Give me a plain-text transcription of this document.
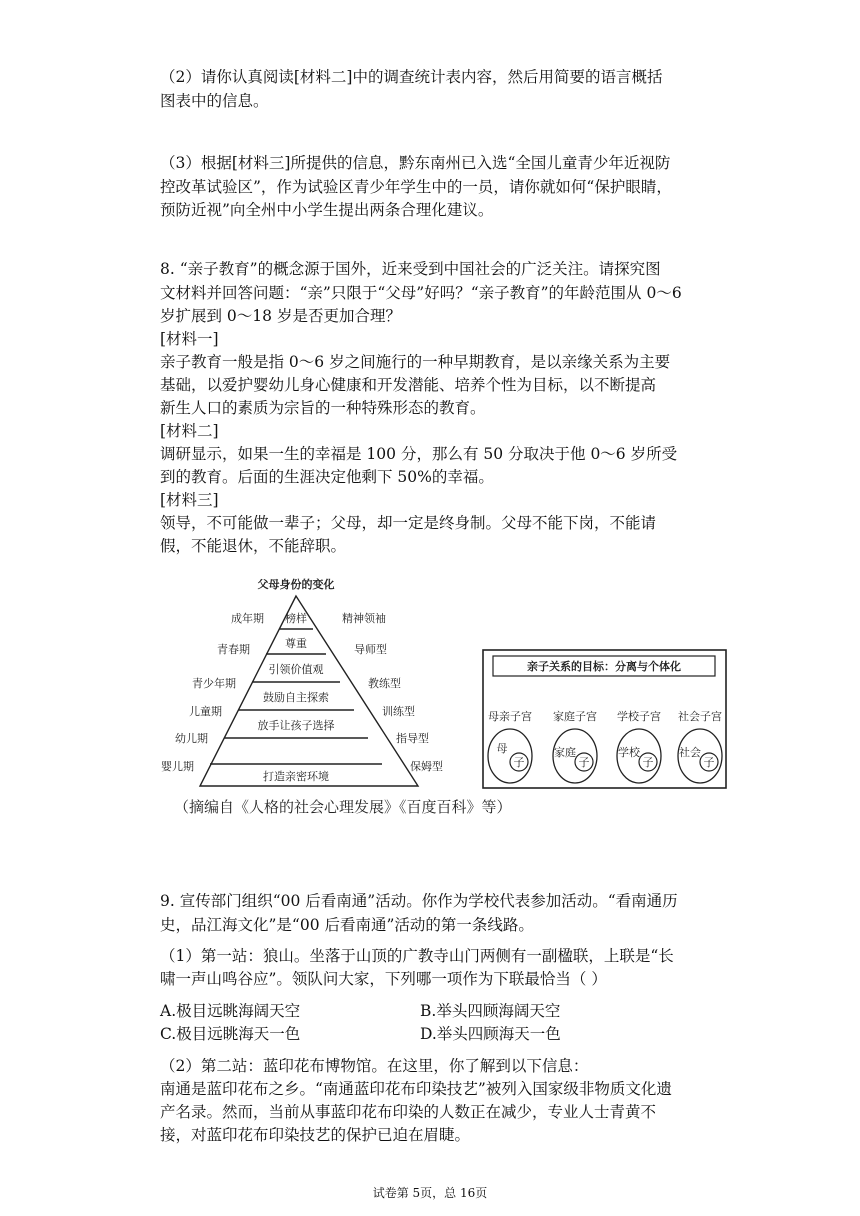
（2）请你认真阅读[材料二]中的调查统计表内容，然后用简要的语言概括
图表中的信息。
（3）根据[材料三]所提供的信息，黔东南州已入选“全国儿童青少年近视防
控改革试验区”，作为试验区青少年学生中的一员，请你就如何“保护眼睛，
预防近视”向全州中小学生提出两条合理化建议。
8. “亲子教育”的概念源于国外，近来受到中国社会的广泛关注。请探究图
文材料并回答问题：“亲”只限于“父母”好吗？“亲子教育”的年龄范围从 0～6
岁扩展到 0～18 岁是否更加合理？
[材料一]
亲子教育一般是指 0～6 岁之间施行的一种早期教育，是以亲缘关系为主要
基础，以爱护婴幼儿身心健康和开发潜能、培养个性为目标，以不断提高
新生人口的素质为宗旨的一种特殊形态的教育。
[材料二]
调研显示，如果一生的幸福是 100 分，那么有 50 分取决于他 0～6 岁所受
到的教育。后面的生涯决定他剩下 50%的幸福。
[材料三]
领导，不可能做一辈子；父母，却一定是终身制。父母不能下岗，不能请
假，不能退休，不能辞职。
父母身份的变化
榜样
尊重
引领价值观
鼓励自主探索
放手让孩子选择
打造亲密环境
成年期
青春期
青少年期
儿童期
幼儿期
婴儿期
精神领袖
导师型
教练型
训练型
指导型
保姆型
亲子关系的目标：分离与个体化
母亲子宫
母
子
家庭子宫
家庭
子
学校子宫
学校
子
社会子宫
社会
子
（摘编自《人格的社会心理发展》《百度百科》等）
9. 宣传部门组织“00 后看南通”活动。你作为学校代表参加活动。“看南通历
史，品江海文化”是“00 后看南通”活动的第一条线路。
（1）第一站：狼山。坐落于山顶的广教寺山门两侧有一副楹联，上联是“长
啸一声山鸣谷应”。领队问大家，下列哪一项作为下联最恰当（ ）
A.极目远眺海阔天空	B.举头四顾海阔天空
C.极目远眺海天一色	D.举头四顾海天一色
（2）第二站：蓝印花布博物馆。在这里，你了解到以下信息：
南通是蓝印花布之乡。“南通蓝印花布印染技艺”被列入国家级非物质文化遗
产名录。然而，当前从事蓝印花布印染的人数正在减少，专业人士青黄不
接，对蓝印花布印染技艺的保护已迫在眉睫。
试卷第 5页，总 16页
